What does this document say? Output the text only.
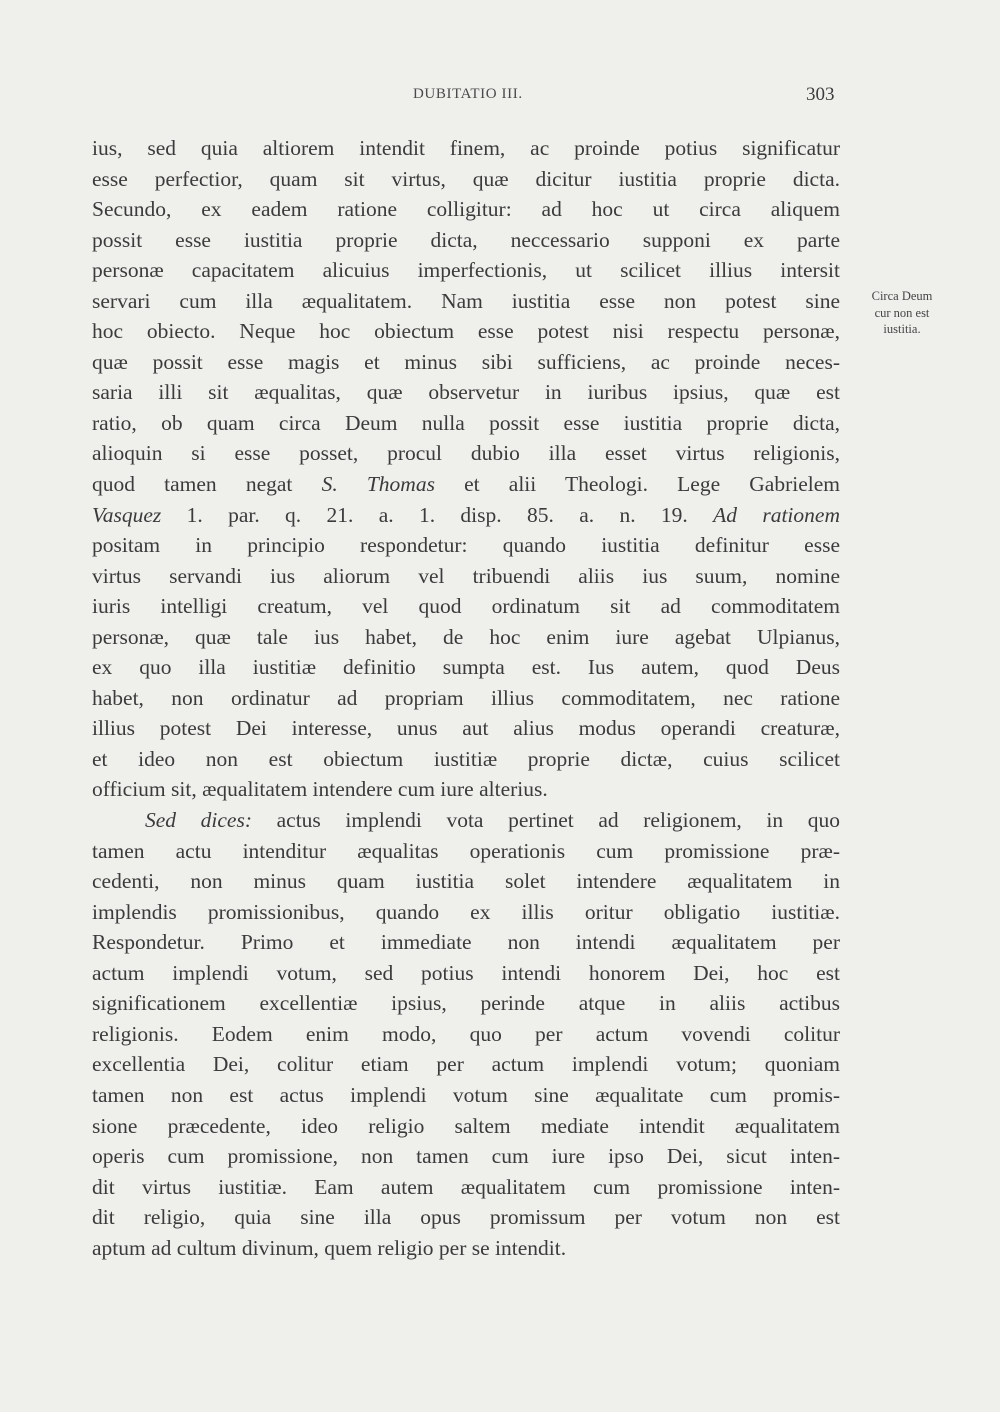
DUBITATIO III.	303
ius, sed quia altiorem intendit finem, ac proinde potius significatur
esse perfectior, quam sit virtus, quæ dicitur iustitia proprie dicta.
Secundo, ex eadem ratione colligitur: ad hoc ut circa aliquem
possit esse iustitia proprie dicta, neccessario supponi ex parte
personæ capacitatem alicuius imperfectionis, ut scilicet illius intersit
servari cum illa æqualitatem. Nam iustitia esse non potest sine
hoc obiecto. Neque hoc obiectum esse potest nisi respectu personæ,
quæ possit esse magis et minus sibi sufficiens, ac proinde neces-
saria illi sit æqualitas, quæ observetur in iuribus ipsius, quæ est
ratio, ob quam circa Deum nulla possit esse iustitia proprie dicta,
alioquin si esse posset, procul dubio illa esset virtus religionis,
quod tamen negat S. Thomas et alii Theologi. Lege Gabrielem
Vasquez 1. par. q. 21. a. 1. disp. 85. a. n. 19. Ad rationem
positam in principio respondetur: quando iustitia definitur esse
virtus servandi ius aliorum vel tribuendi aliis ius suum, nomine
iuris intelligi creatum, vel quod ordinatum sit ad commoditatem
personæ, quæ tale ius habet, de hoc enim iure agebat Ulpianus,
ex quo illa iustitiæ definitio sumpta est. Ius autem, quod Deus
habet, non ordinatur ad propriam illius commoditatem, nec ratione
illius potest Dei interesse, unus aut alius modus operandi creaturæ,
et ideo non est obiectum iustitiæ proprie dictæ, cuius scilicet
officium sit, æqualitatem intendere cum iure alterius.
Sed dices: actus implendi vota pertinet ad religionem, in quo
tamen actu intenditur æqualitas operationis cum promissione præ-
cedenti, non minus quam iustitia solet intendere æqualitatem in
implendis promissionibus, quando ex illis oritur obligatio iustitiæ.
Respondetur. Primo et immediate non intendi æqualitatem per
actum implendi votum, sed potius intendi honorem Dei, hoc est
significationem excellentiæ ipsius, perinde atque in aliis actibus
religionis. Eodem enim modo, quo per actum vovendi colitur
excellentia Dei, colitur etiam per actum implendi votum; quoniam
tamen non est actus implendi votum sine æqualitate cum promis-
sione præcedente, ideo religio saltem mediate intendit æqualitatem
operis cum promissione, non tamen cum iure ipso Dei, sicut inten-
dit virtus iustitiæ. Eam autem æqualitatem cum promissione inten-
dit religio, quia sine illa opus promissum per votum non est
aptum ad cultum divinum, quem religio per se intendit.
Circa Deum
cur non est
iustitia.
